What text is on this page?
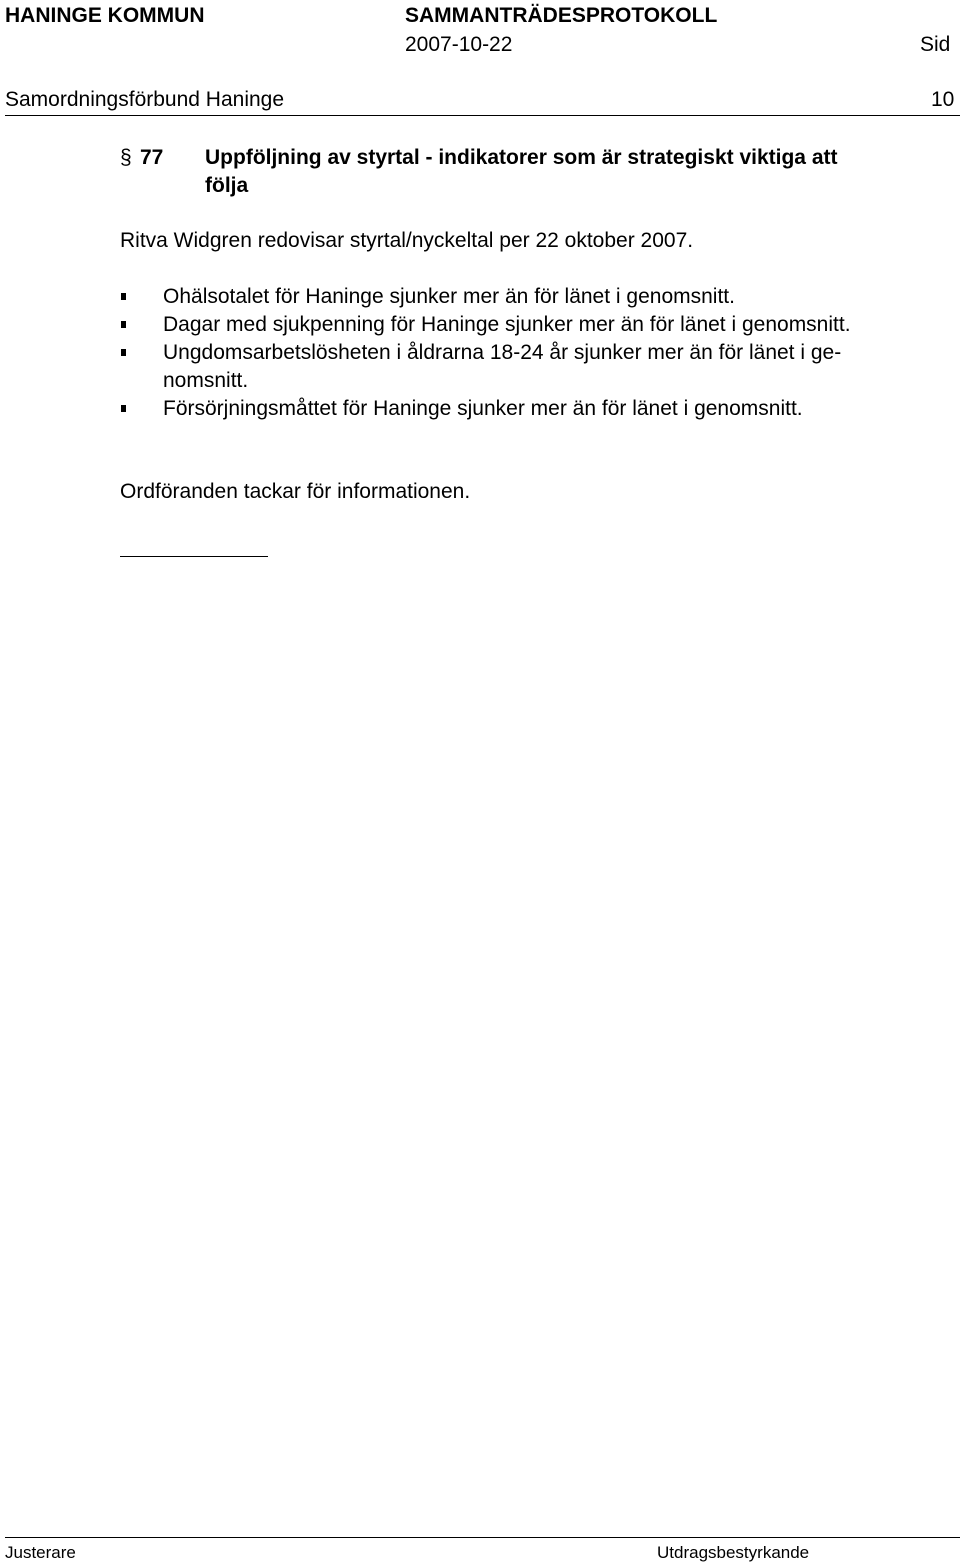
HANINGE KOMMUN	SAMMANTRÄDESPROTOKOLL
2007-10-22	Sid
Samordningsförbund Haninge	10
§ 77 Uppföljning av styrtal - indikatorer som är strategiskt viktiga att
följa
Ritva Widgren redovisar styrtal/nyckeltal per 22 oktober 2007.
Ohälsotalet för Haninge sjunker mer än för länet i genomsnitt.
Dagar med sjukpenning för Haninge sjunker mer än för länet i genomsnitt.
Ungdomsarbetslösheten i åldrarna 18-24 år sjunker mer än för länet i ge-
nomsnitt.
Försörjningsmåttet för Haninge sjunker mer än för länet i genomsnitt.
Ordföranden tackar för informationen.
Justerare	Utdragsbestyrkande
